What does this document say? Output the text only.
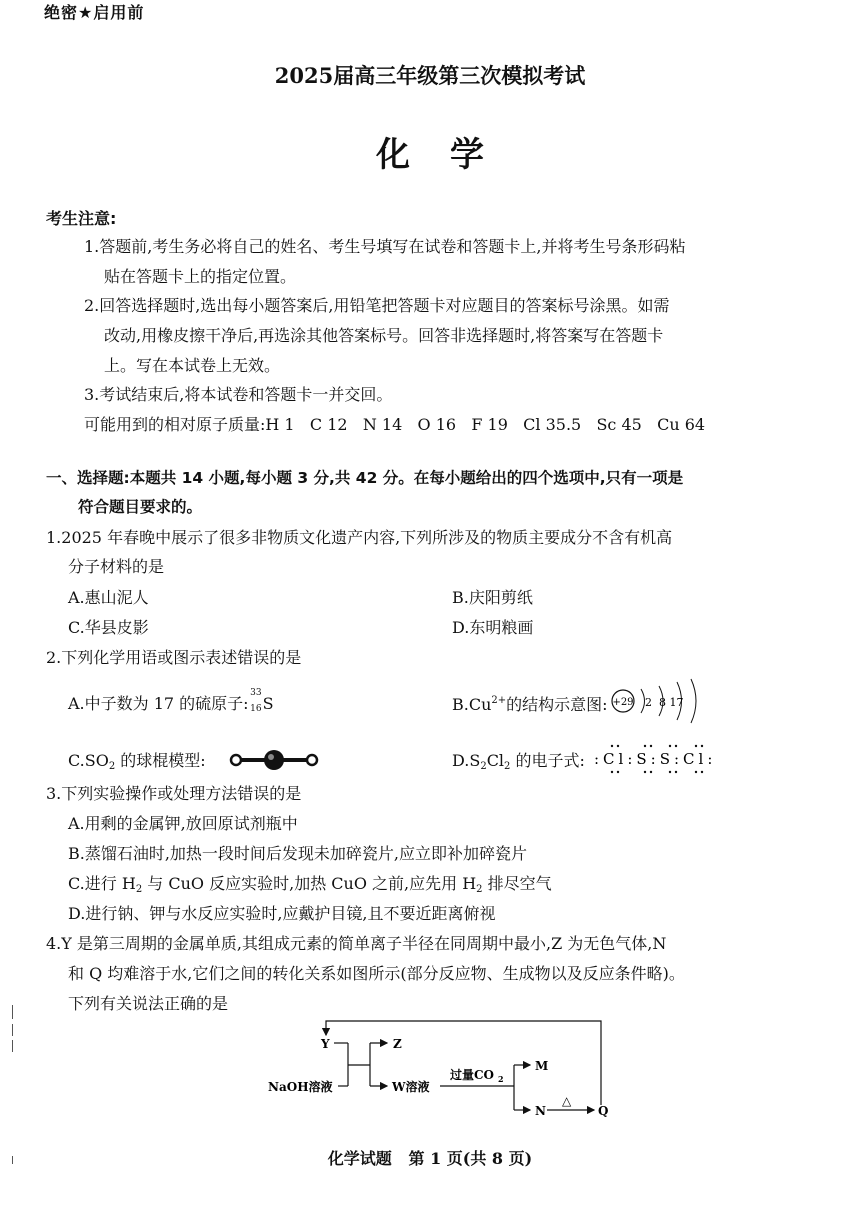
绝密★启用前
2025届高三年级第三次模拟考试
化学
考生注意:
1.答题前,考生务必将自己的姓名、考生号填写在试卷和答题卡上,并将考生号条形码粘
贴在答题卡上的指定位置。
2.回答选择题时,选出每小题答案后,用铅笔把答题卡对应题目的答案标号涂黑。如需
改动,用橡皮擦干净后,再选涂其他答案标号。回答非选择题时,将答案写在答题卡
上。写在本试卷上无效。
3.考试结束后,将本试卷和答题卡一并交回。
可能用到的相对原子质量:H 1   C 12   N 14   O 16   F 19   Cl 35.5   Sc 45   Cu 64
一、选择题:本题共 14 小题,每小题 3 分,共 42 分。在每小题给出的四个选项中,只有一项是
符合题目要求的。
1.2025 年春晚中展示了很多非物质文化遗产内容,下列所涉及的物质主要成分不含有机高
分子材料的是
A.惠山泥人	B.庆阳剪纸
C.华县皮影	D.东明粮画
2.下列化学用语或图示表述错误的是
A.中子数为 17 的硫原子:
33
16 S	$B.Cu^{2+}$的结构示意图: +29 2  8 17
$C.SO_2$ 的球棍模型:	$D.S_2Cl_2$ 的电子式: :Cl:S:S:Cl:
3.下列实验操作或处理方法错误的是
A.用剩的金属钾,放回原试剂瓶中
B.蒸馏石油时,加热一段时间后发现未加碎瓷片,应立即补加碎瓷片
C.进行 $H_2$ 与 CuO 反应实验时,加热 CuO 之前,应先用 $H_2$ 排尽空气
D.进行钠、钾与水反应实验时,应戴护目镜,且不要近距离俯视
4.Y 是第三周期的金属单质,其组成元素的简单离子半径在同周期中最小,Z 为无色气体,N
和 Q 均难溶于水,它们之间的转化关系如图所示(部分反应物、生成物以及反应条件略)。
下列有关说法正确的是
Y
NaOH溶液
Z
W溶液
过量CO 2
M
N
△
Q
化学试题   第 1 页(共 8 页)
